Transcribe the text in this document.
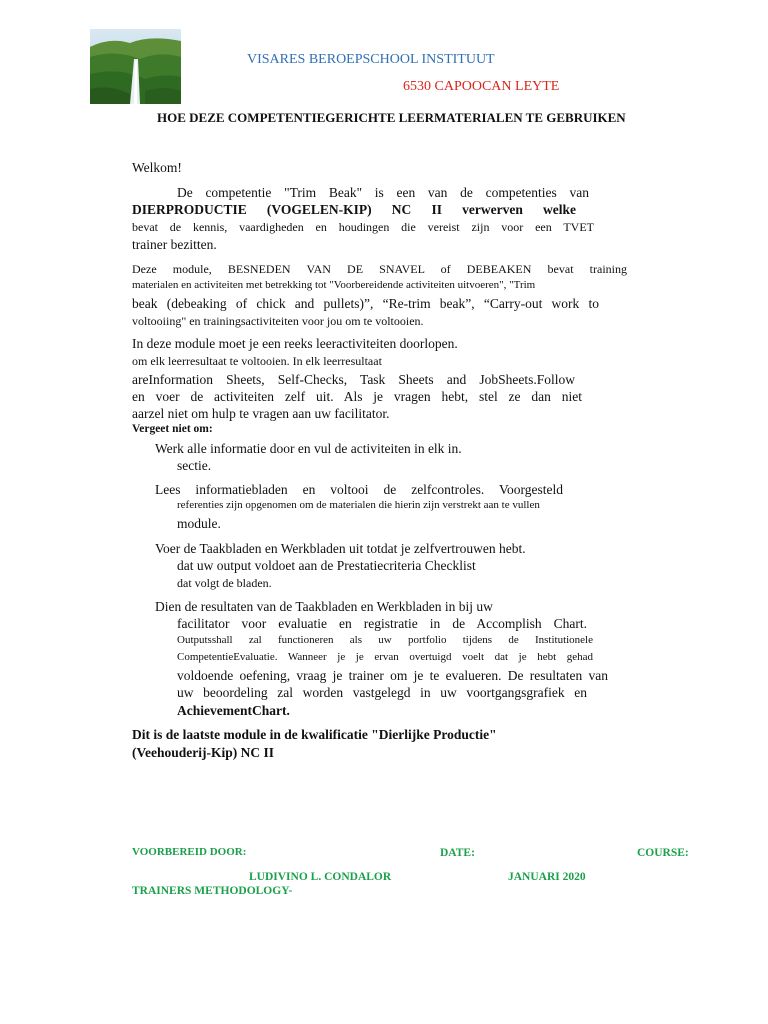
VISARES BEROEPSCHOOL INSTITUUT
6530 CAPOOCAN LEYTE
HOE DEZE COMPETENTIEGERICHTE LEERMATERIALEN TE GEBRUIKEN
Welkom!
De competentie "Trim Beak" is een van de competenties van
DIERPRODUCTIE (VOGELEN-KIP) NC II verwerven welke
bevat de kennis, vaardigheden en houdingen die vereist zijn voor een TVET
trainer bezitten.
Deze module, BESNEDEN VAN DE SNAVEL of DEBEAKEN bevat training
materialen en activiteiten met betrekking tot "Voorbereidende activiteiten uitvoeren", "Trim
beak (debeaking of chick and pullets)”, “Re-trim beak”, “Carry-out work to
voltooiing" en trainingsactiviteiten voor jou om te voltooien.
In deze module moet je een reeks leeractiviteiten doorlopen.
om elk leerresultaat te voltooien. In elk leerresultaat
areInformation Sheets, Self-Checks, Task Sheets and JobSheets.Follow
en voer de activiteiten zelf uit. Als je vragen hebt, stel ze dan niet
aarzel niet om hulp te vragen aan uw facilitator.
Vergeet niet om:
Werk alle informatie door en vul de activiteiten in elk in.
sectie.
Lees informatiebladen en voltooi de zelfcontroles. Voorgesteld
referenties zijn opgenomen om de materialen die hierin zijn verstrekt aan te vullen
module.
Voer de Taakbladen en Werkbladen uit totdat je zelfvertrouwen hebt.
dat uw output voldoet aan de Prestatiecriteria Checklist
dat volgt de bladen.
Dien de resultaten van de Taakbladen en Werkbladen in bij uw
facilitator voor evaluatie en registratie in de Accomplish Chart.
Outputsshall zal functioneren als uw portfolio tijdens de Institutionele
CompetentieEvaluatie. Wanneer je je ervan overtuigd voelt dat je hebt gehad
voldoende oefening, vraag je trainer om je te evalueren. De resultaten van
uw beoordeling zal worden vastgelegd in uw voortgangsgrafiek en
AchievementChart.
Dit is de laatste module in de kwalificatie "Dierlijke Productie"
(Veehouderij-Kip) NC II
VOORBEREID DOOR:	DATE:	COURSE:
LUDIVINO L. CONDALOR	JANUARI 2020
TRAINERS METHODOLOGY-
